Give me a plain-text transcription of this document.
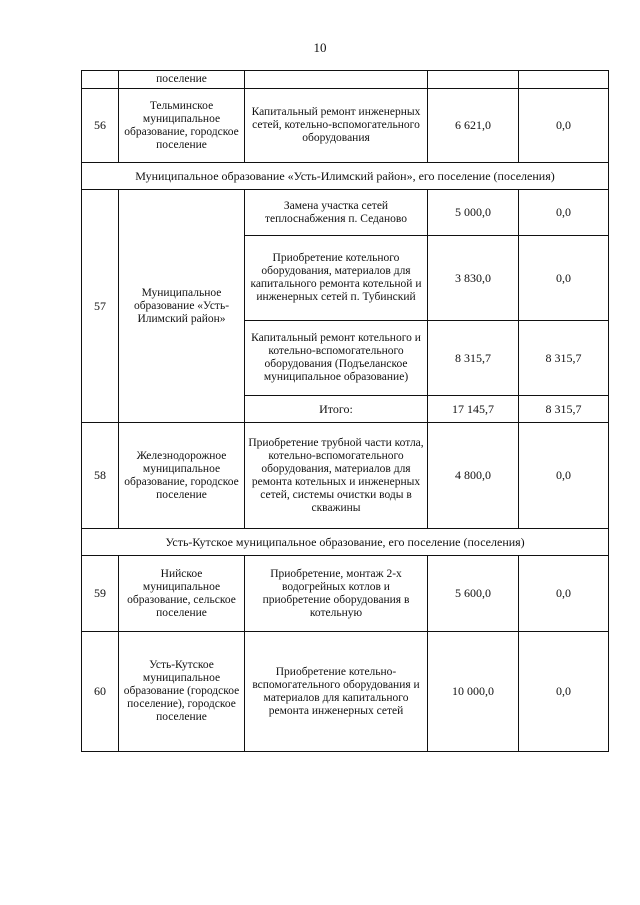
10
	поселение			
56	Тельминское муниципальное образование, городское поселение	Капитальный ремонт инженерных сетей, котельно-вспомогательного оборудования	6 621,0	0,0
Муниципальное образование «Усть-Илимский район», его поселение (поселения)				
57	Муниципальное образование «Усть-Илимский район»	Замена участка сетей теплоснабжения п. Седаново	5 000,0	0,0
		Приобретение котельного оборудования, материалов для капитального ремонта котельной и инженерных сетей п. Тубинский	3 830,0	0,0
		Капитальный ремонт котельного и котельно-вспомогательного оборудования (Подъеланское муниципальное образование)	8 315,7	8 315,7
		Итого:	17 145,7	8 315,7
58	Железнодорожное муниципальное образование, городское поселение	Приобретение трубной части котла, котельно-вспомогательного оборудования, материалов для ремонта котельных и инженерных сетей, системы очистки воды в скважины	4 800,0	0,0
Усть-Кутское муниципальное образование, его поселение (поселения)				
59	Нийское муниципальное образование, сельское поселение	Приобретение, монтаж 2-х водогрейных котлов и приобретение оборудования в котельную	5 600,0	0,0
60	Усть-Кутское муниципальное образование (городское поселение), городское поселение	Приобретение котельно-вспомогательного оборудования и материалов для капитального ремонта инженерных сетей	10 000,0	0,0
